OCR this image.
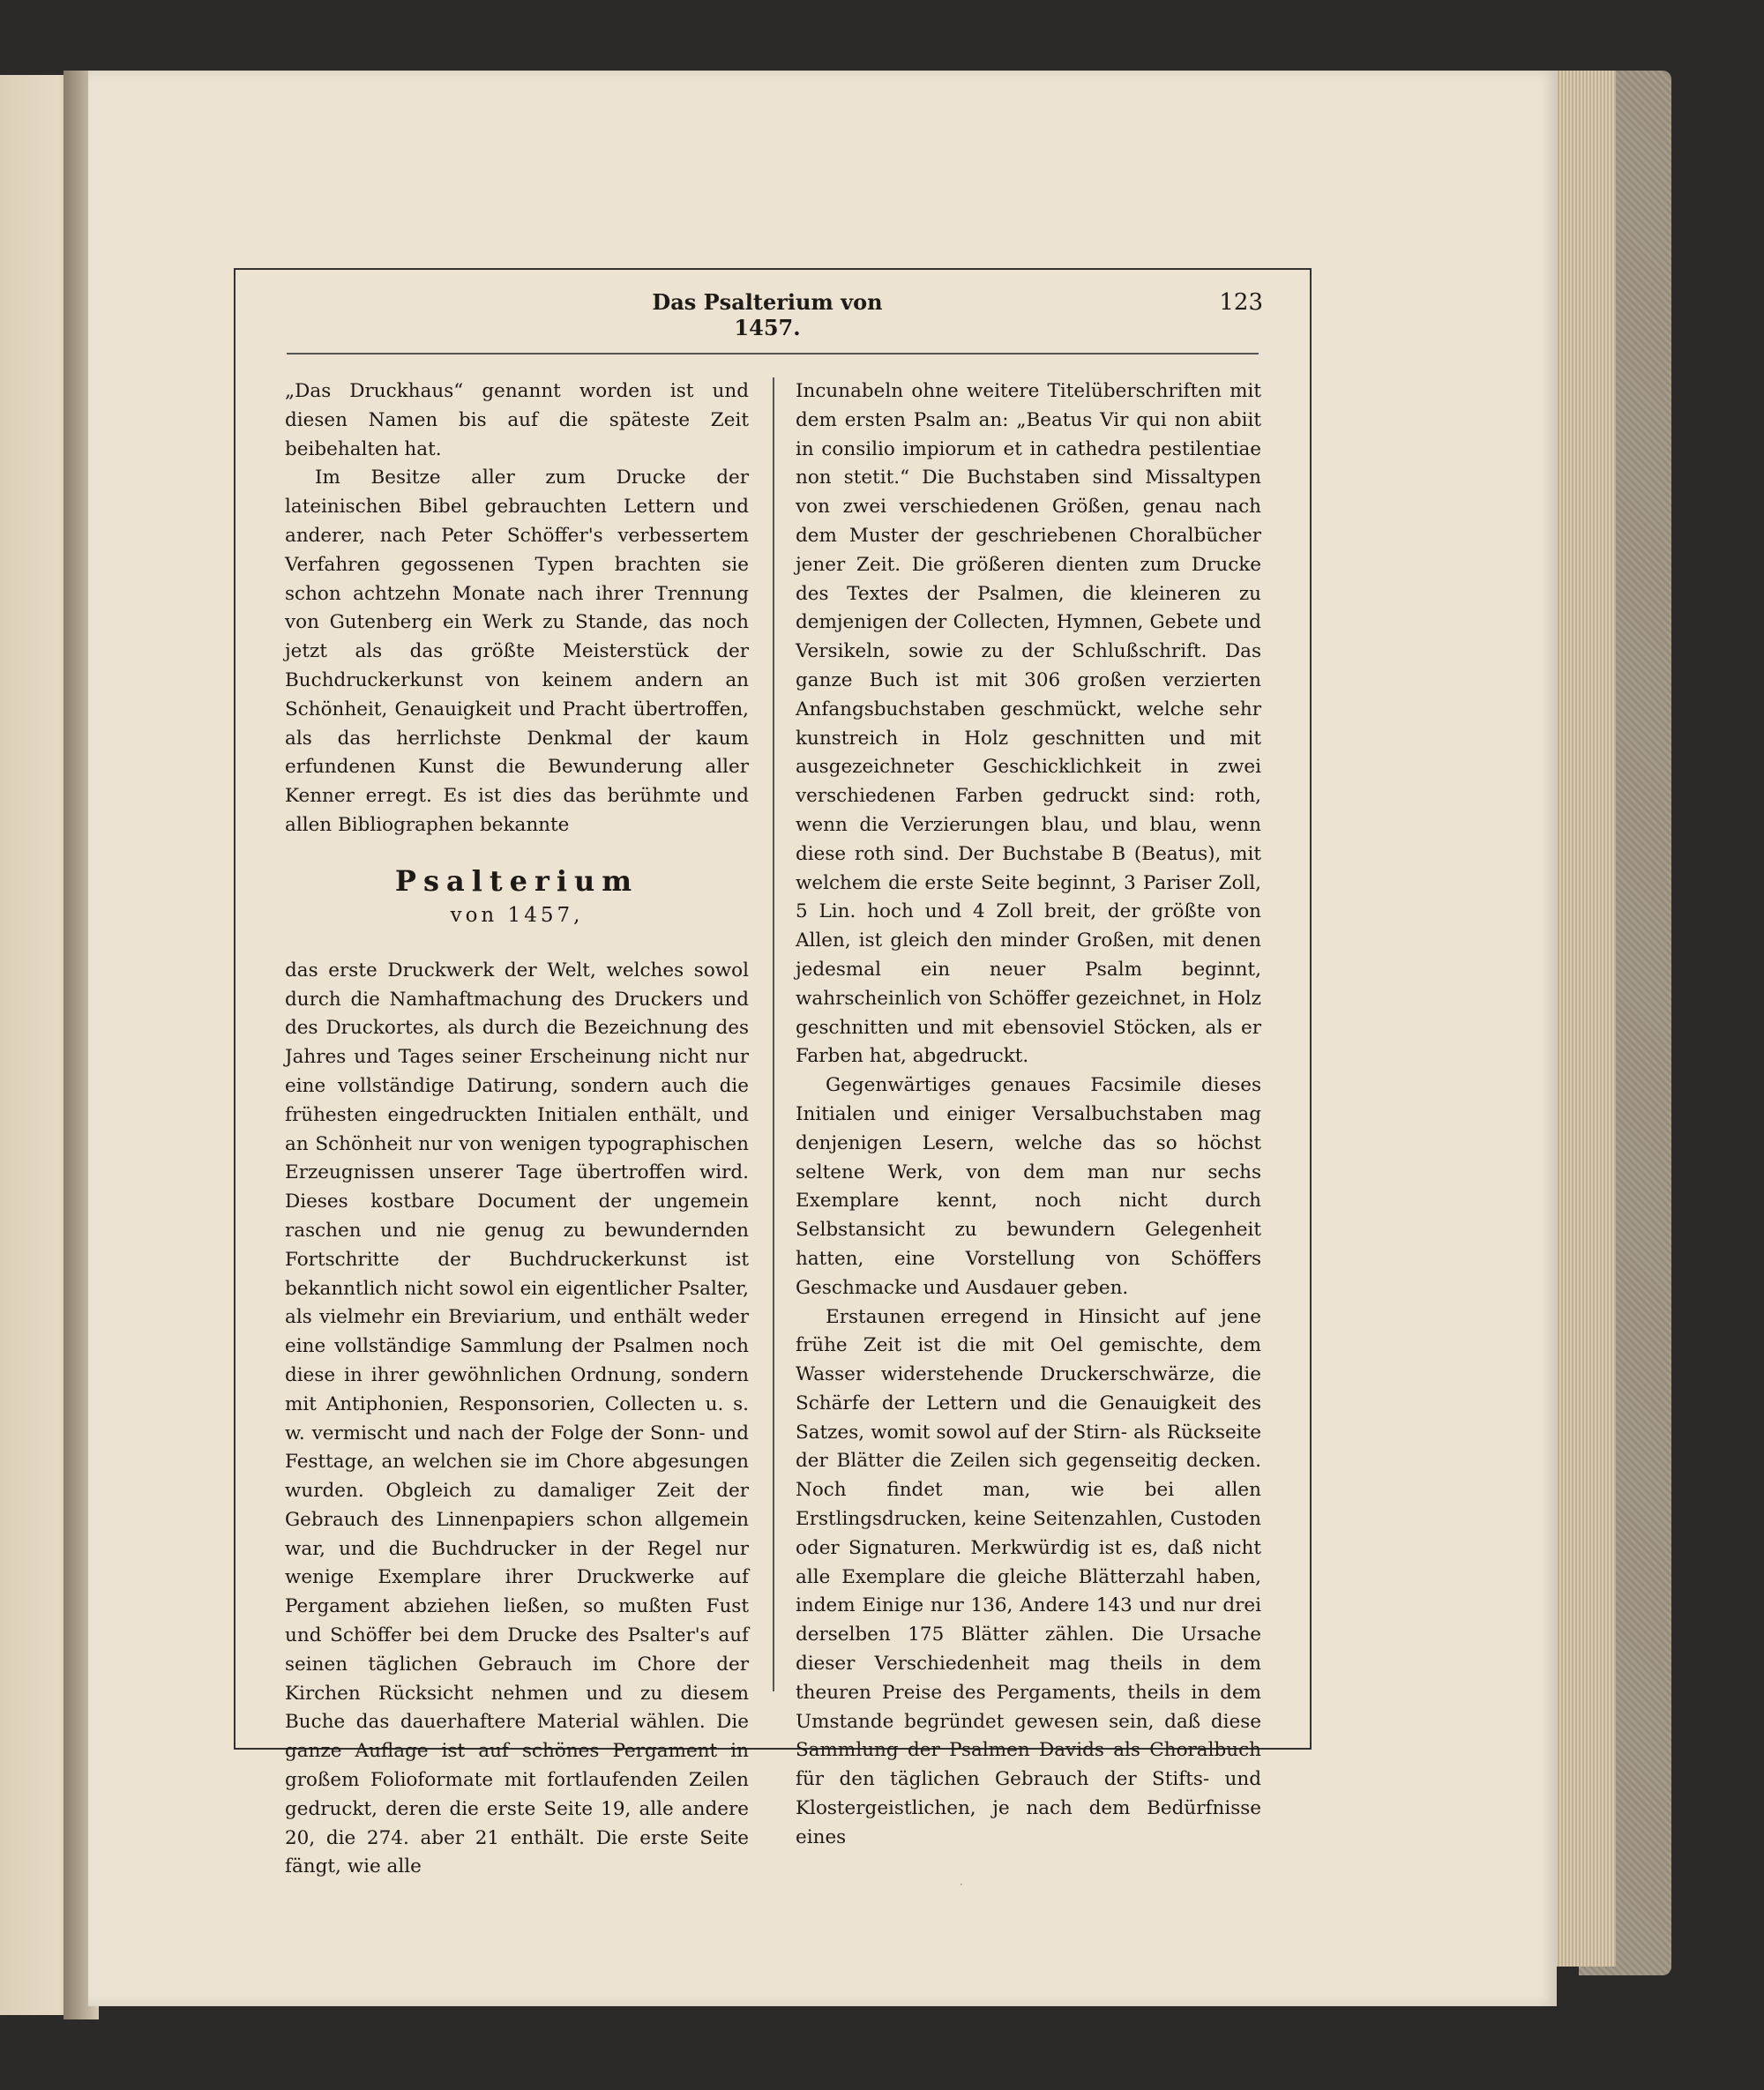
Das Psalterium von 1457.
123

„Das Druckhaus“ genannt worden ist und diesen Namen bis auf die späteste Zeit beibehalten hat.

Im Besitze aller zum Drucke der lateinischen Bibel gebrauchten Lettern und anderer, nach Peter Schöffer's verbessertem Verfahren gegossenen Typen brachten sie schon achtzehn Monate nach ihrer Trennung von Gutenberg ein Werk zu Stande, das noch jetzt als das größte Meisterstück der Buchdruckerkunst von keinem andern an Schönheit, Genauigkeit und Pracht übertroffen, als das herrlichste Denkmal der kaum erfundenen Kunst die Bewunderung aller Kenner erregt. Es ist dies das berühmte und allen Bibliographen bekannte

Psalterium
von 1457,

das erste Druckwerk der Welt, welches sowol durch die Namhaftmachung des Druckers und des Druckortes, als durch die Bezeichnung des Jahres und Tages seiner Erscheinung nicht nur eine vollständige Datirung, sondern auch die frühesten eingedruckten Initialen enthält, und an Schönheit nur von wenigen typographischen Erzeugnissen unserer Tage übertroffen wird. Dieses kostbare Document der ungemein raschen und nie genug zu bewundernden Fortschritte der Buchdruckerkunst ist bekanntlich nicht sowol ein eigentlicher Psalter, als vielmehr ein Breviarium, und enthält weder eine vollständige Sammlung der Psalmen noch diese in ihrer gewöhnlichen Ordnung, sondern mit Antiphonien, Responsorien, Collecten u. s. w. vermischt und nach der Folge der Sonn- und Festtage, an welchen sie im Chore abgesungen wurden. Obgleich zu damaliger Zeit der Gebrauch des Linnenpapiers schon allgemein war, und die Buchdrucker in der Regel nur wenige Exemplare ihrer Druckwerke auf Pergament abziehen ließen, so mußten Fust und Schöffer bei dem Drucke des Psalter's auf seinen täglichen Gebrauch im Chore der Kirchen Rücksicht nehmen und zu diesem Buche das dauerhaftere Material wählen. Die ganze Auflage ist auf schönes Pergament in großem Folioformate mit fortlaufenden Zeilen gedruckt, deren die erste Seite 19, alle andere 20, die 274. aber 21 enthält. Die erste Seite fängt, wie alle

Incunabeln ohne weitere Titelüberschriften mit dem ersten Psalm an: „Beatus Vir qui non abiit in consilio impiorum et in cathedra pestilentiae non stetit.“ Die Buchstaben sind Missaltypen von zwei verschiedenen Größen, genau nach dem Muster der geschriebenen Choralbücher jener Zeit. Die größeren dienten zum Drucke des Textes der Psalmen, die kleineren zu demjenigen der Collecten, Hymnen, Gebete und Versikeln, sowie zu der Schlußschrift. Das ganze Buch ist mit 306 großen verzierten Anfangsbuchstaben geschmückt, welche sehr kunstreich in Holz geschnitten und mit ausgezeichneter Geschicklichkeit in zwei verschiedenen Farben gedruckt sind: roth, wenn die Verzierungen blau, und blau, wenn diese roth sind. Der Buchstabe B (Beatus), mit welchem die erste Seite beginnt, 3 Pariser Zoll, 5 Lin. hoch und 4 Zoll breit, der größte von Allen, ist gleich den minder Großen, mit denen jedesmal ein neuer Psalm beginnt, wahrscheinlich von Schöffer gezeichnet, in Holz geschnitten und mit ebensoviel Stöcken, als er Farben hat, abgedruckt.

Gegenwärtiges genaues Facsimile dieses Initialen und einiger Versalbuchstaben mag denjenigen Lesern, welche das so höchst seltene Werk, von dem man nur sechs Exemplare kennt, noch nicht durch Selbstansicht zu bewundern Gelegenheit hatten, eine Vorstellung von Schöffers Geschmacke und Ausdauer geben.

Erstaunen erregend in Hinsicht auf jene frühe Zeit ist die mit Oel gemischte, dem Wasser widerstehende Druckerschwärze, die Schärfe der Lettern und die Genauigkeit des Satzes, womit sowol auf der Stirn- als Rückseite der Blätter die Zeilen sich gegenseitig decken. Noch findet man, wie bei allen Erstlingsdrucken, keine Seitenzahlen, Custoden oder Signaturen. Merkwürdig ist es, daß nicht alle Exemplare die gleiche Blätterzahl haben, indem Einige nur 136, Andere 143 und nur drei derselben 175 Blätter zählen. Die Ursache dieser Verschiedenheit mag theils in dem theuren Preise des Pergaments, theils in dem Umstande begründet gewesen sein, daß diese Sammlung der Psalmen Davids als Choralbuch für den täglichen Gebrauch der Stifts- und Klostergeistlichen, je nach dem Bedürfnisse eines

·
